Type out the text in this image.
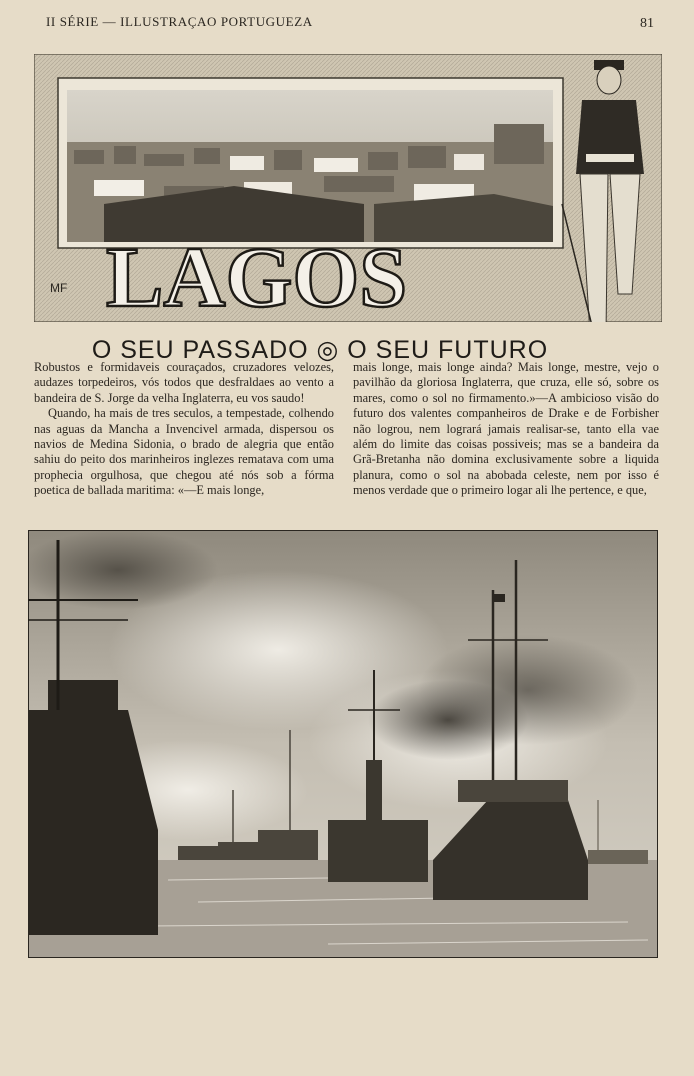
II SÉRIE — ILLUSTRAÇAO PORTUGUEZA	81
LAGOS
MF
O SEU PASSADO ◎ O SEU FUTURO

Robustos e formidaveis couraçados, cruzadores velozes, audazes torpedeiros, vós todos que desfraldaes ao vento a bandeira de S. Jorge da velha Inglaterra, eu vos saudo!

Quando, ha mais de tres seculos, a tempestade, colhendo nas aguas da Mancha a Invencivel armada, dispersou os navios de Medina Sidonia, o brado de alegria que então sahiu do peito dos marinheiros inglezes rematava com uma prophecia orgulhosa, que chegou até nós sob a fórma poetica de ballada maritima: «—E mais longe,

mais longe, mais longe ainda? Mais longe, mestre, vejo o pavilhão da gloriosa Inglaterra, que cruza, elle só, sobre os mares, como o sol no firmamento.»—A ambicioso visão do futuro dos valentes companheiros de Drake e de Forbisher não logrou, nem logrará jamais realisar-se, tanto ella vae além do limite das coisas possiveis; mas se a bandeira da Grã-Bretanha não domina exclusivamente sobre a liquida planura, como o sol na abobada celeste, nem por isso é menos verdade que o primeiro logar ali lhe pertence, e que,
